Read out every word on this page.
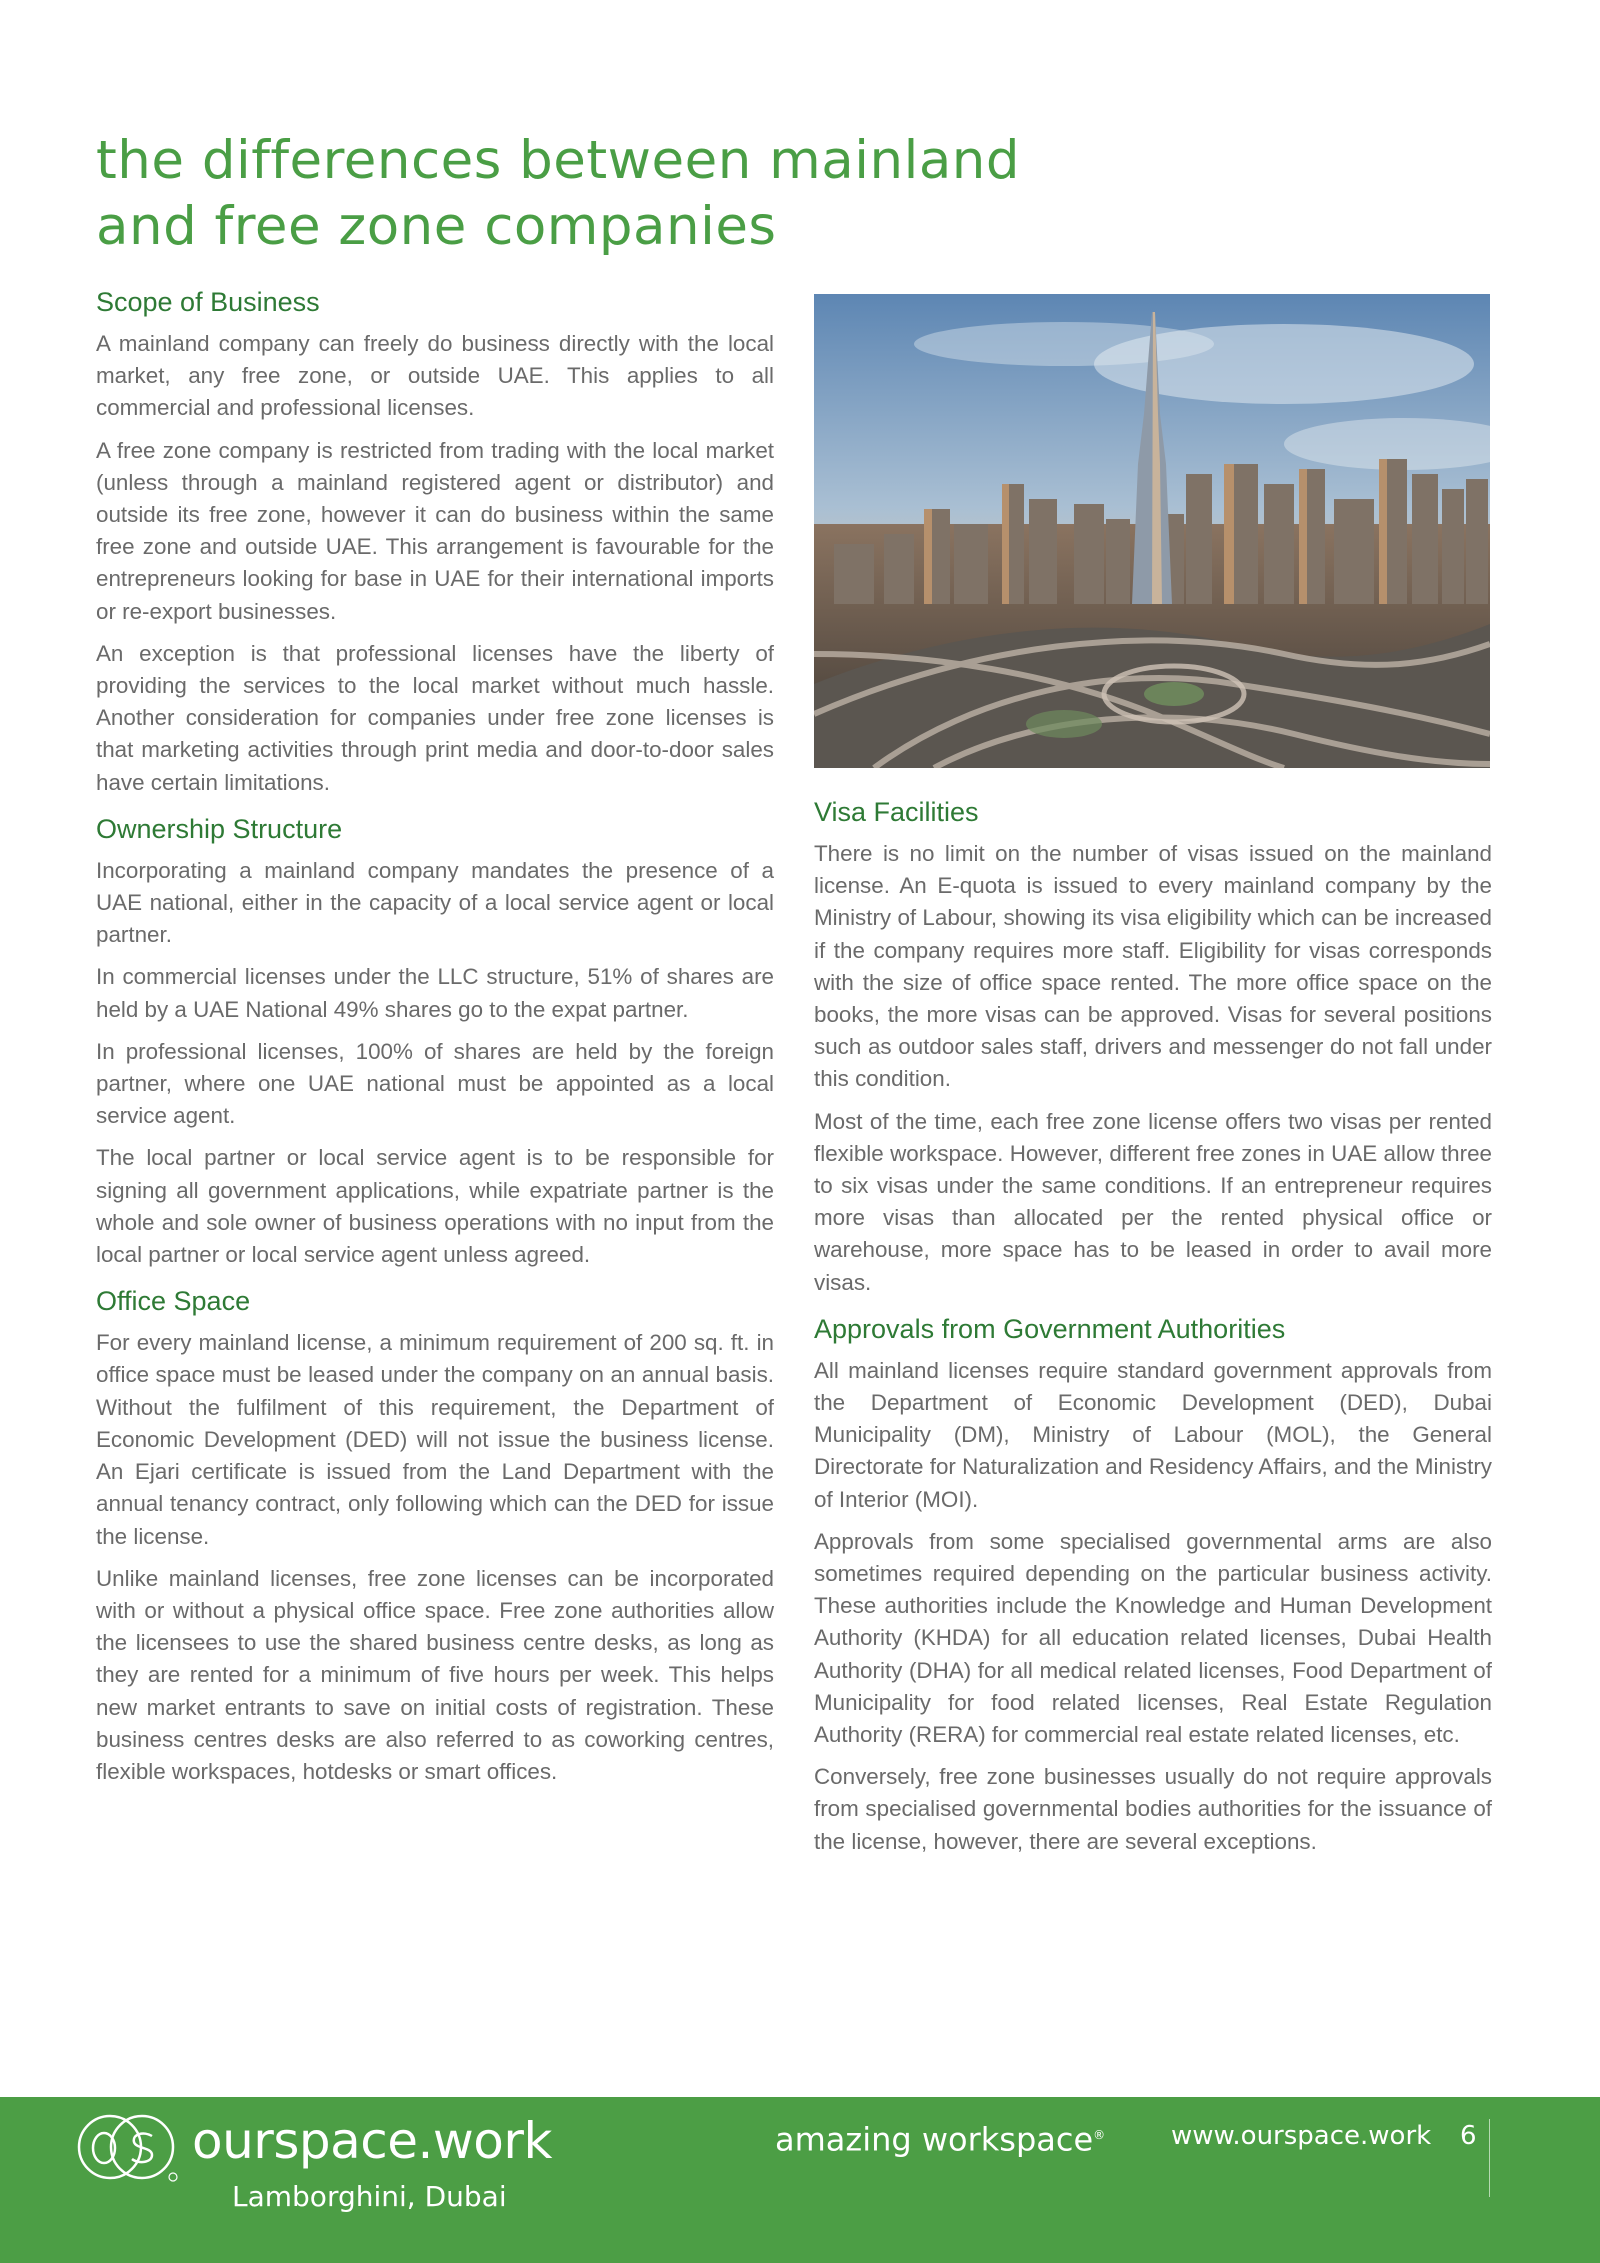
the differences between mainland
and free zone companies
Scope of Business

A mainland company can freely do business directly with the local market, any free zone, or outside UAE. This applies to all commercial and professional licenses.

A free zone company is restricted from trading with the local market (unless through a mainland registered agent or distributor) and outside its free zone, however it can do business within the same free zone and outside UAE. This arrangement is favourable for the entrepreneurs looking for base in UAE for their international imports or re-export businesses.

An exception is that professional licenses have the liberty of providing the services to the local market without much hassle. Another consideration for companies under free zone licenses is that marketing activities through print media and door-to-door sales have certain limitations.

Ownership Structure

Incorporating a mainland company mandates the presence of a UAE national, either in the capacity of a local service agent or local partner.

In commercial licenses under the LLC structure, 51% of shares are held by a UAE National 49% shares go to the expat partner.

In professional licenses, 100% of shares are held by the foreign partner, where one UAE national must be appointed as a local service agent.

The local partner or local service agent is to be responsible for signing all government applications, while expatriate partner is the whole and sole owner of business operations with no input from the local partner or local service agent unless agreed.

Office Space

For every mainland license, a minimum requirement of 200 sq. ft. in office space must be leased under the company on an annual basis. Without the fulfilment of this requirement, the Department of Economic Development (DED) will not issue the business license. An Ejari certificate is issued from the Land Department with the annual tenancy contract, only following which can the DED for issue the license.

Unlike mainland licenses, free zone licenses can be incorporated with or without a physical office space. Free zone authorities allow the licensees to use the shared business centre desks, as long as they are rented for a minimum of five hours per week. This helps new market entrants to save on initial costs of registration. These business centres desks are also referred to as coworking centres, flexible workspaces, hotdesks or smart offices.

Visa Facilities

There is no limit on the number of visas issued on the mainland license. An E-quota is issued to every mainland company by the Ministry of Labour, showing its visa eligibility which can be increased if the company requires more staff. Eligibility for visas corresponds with the size of office space rented. The more office space on the books, the more visas can be approved. Visas for several positions such as outdoor sales staff, drivers and messenger do not fall under this condition.

Most of the time, each free zone license offers two visas per rented flexible workspace. However, different free zones in UAE allow three to six visas under the same conditions. If an entrepreneur requires more visas than allocated per the rented physical office or warehouse, more space has to be leased in order to avail more visas.

Approvals from Government Authorities

All mainland licenses require standard government approvals from the Department of Economic Development (DED), Dubai Municipality (DM), Ministry of Labour (MOL), the General Directorate for Naturalization and Residency Affairs, and the Ministry of Interior (MOI).

Approvals from some specialised governmental arms are also sometimes required depending on the particular business activity. These authorities include the Knowledge and Human Development Authority (KHDA) for all education related licenses, Dubai Health Authority (DHA) for all medical related licenses, Food Department of Municipality for food related licenses, Real Estate Regulation Authority (RERA) for commercial real estate related licenses, etc.

Conversely, free zone businesses usually do not require approvals from specialised governmental bodies authorities for the issuance of the license, however, there are several exceptions.

ourspace.work
Lamborghini, Dubai
amazing workspace®	www.ourspace.work 6
